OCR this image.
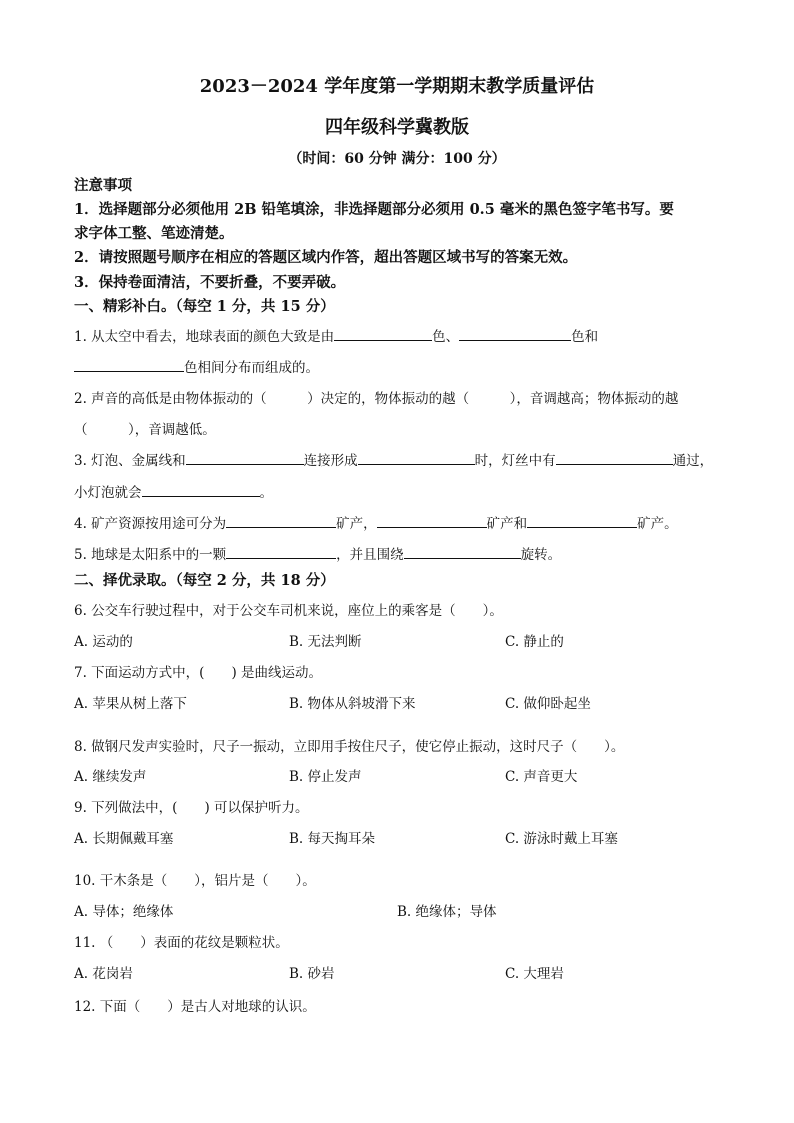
2023－2024 学年度第一学期期末教学质量评估
四年级科学冀教版
（时间：60 分钟 满分：100 分）
注意事项
1．选择题部分必须他用 2B 铅笔填涂，非选择题部分必须用 0.5 毫米的黑色签字笔书写。要
求字体工整、笔迹清楚。
2．请按照题号顺序在相应的答题区域内作答，超出答题区域书写的答案无效。
3．保持卷面清洁，不要折叠，不要弄破。
一、精彩补白。（每空 1 分，共 15 分）
1. 从太空中看去，地球表面的颜色大致是由	色、	色和
色相间分布而组成的。
2. 声音的高低是由物体振动的（　　　）决定的，物体振动的越（　　　），音调越高；物体振动的越
（　　　），音调越低。
3. 灯泡、金属线和	连接形成	时，灯丝中有	通过，
小灯泡就会	。
4. 矿产资源按用途可分为	矿产，	矿产和	矿产。
5. 地球是太阳系中的一颗	，并且围绕	旋转。
二、择优录取。（每空 2 分，共 18 分）
6. 公交车行驶过程中，对于公交车司机来说，座位上的乘客是（　　）。
A. 运动的	B. 无法判断	C. 静止的
7. 下面运动方式中，(　　) 是曲线运动。
A. 苹果从树上落下	B. 物体从斜坡滑下来	C. 做仰卧起坐
8. 做钢尺发声实验时，尺子一振动，立即用手按住尺子，使它停止振动，这时尺子（　　）。
A. 继续发声	B. 停止发声	C. 声音更大
9. 下列做法中，(　　) 可以保护听力。
A. 长期佩戴耳塞	B. 每天掏耳朵	C. 游泳时戴上耳塞
10. 干木条是（　　），铝片是（　　）。
A. 导体；绝缘体	B. 绝缘体；导体
11. （　　）表面的花纹是颗粒状。
A. 花岗岩	B. 砂岩	C. 大理岩
12. 下面（　　）是古人对地球的认识。
